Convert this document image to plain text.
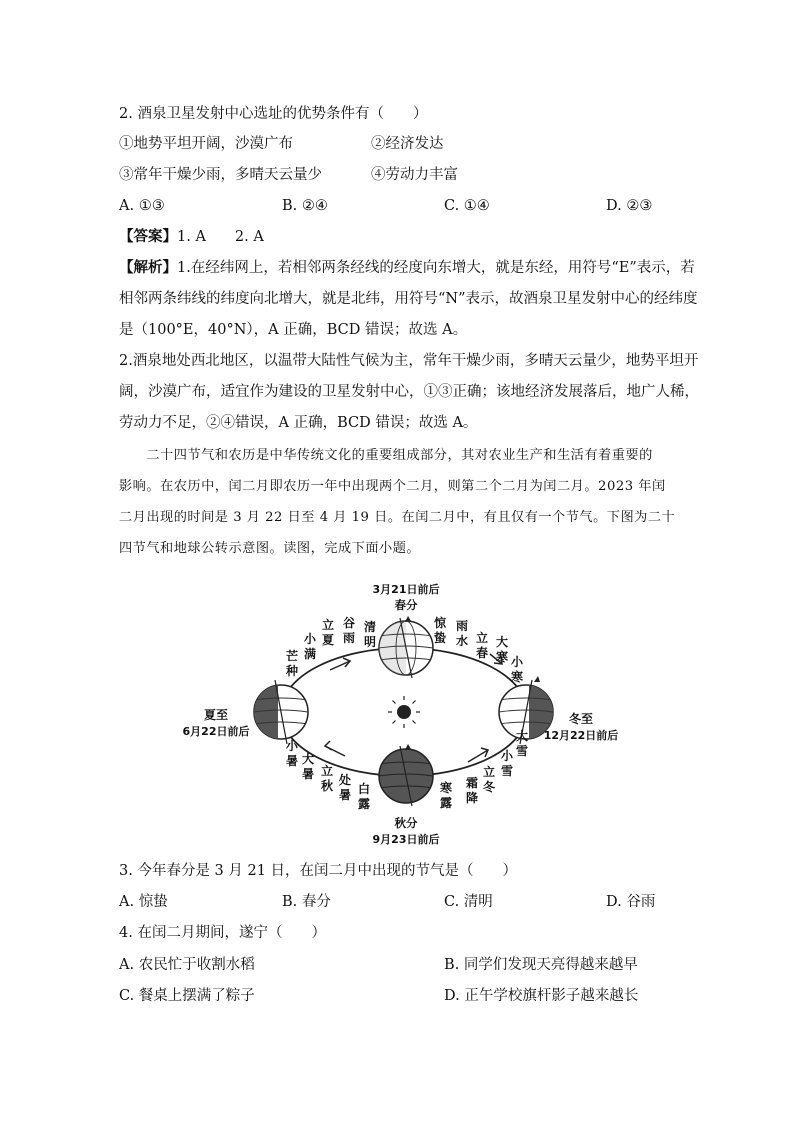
2. 酒泉卫星发射中心选址的优势条件有（　　）
①地势平坦开阔，沙漠广布	②经济发达
③常年干燥少雨，多晴天云量少	④劳动力丰富
A. ①③	B. ②④	C. ①④	D. ②③
【答案】1. A　　2. A
【解析】1.在经纬网上，若相邻两条经线的经度向东增大，就是东经，用符号“E”表示，若
相邻两条纬线的纬度向北增大，就是北纬，用符号“N”表示，故酒泉卫星发射中心的经纬度
是（100°E，40°N），A 正确，BCD 错误；故选 A。
2.酒泉地处西北地区，以温带大陆性气候为主，常年干燥少雨，多晴天云量少，地势平坦开
阔，沙漠广布，适宜作为建设的卫星发射中心，①③正确；该地经济发展落后，地广人稀，
劳动力不足，②④错误，A 正确，BCD 错误；故选 A。
　　二十四节气和农历是中华传统文化的重要组成部分，其对农业生产和生活有着重要的
影响。在农历中，闰二月即农历一年中出现两个二月，则第二个二月为闰二月。2023 年闰
二月出现的时间是 3 月 22 日至 4 月 19 日。在闰二月中，有且仅有一个节气。下图为二十
四节气和地球公转示意图。读图，完成下面小题。
3月21日前后
春分
夏至
6月22日前后
冬至
12月22日前后
秋分
9月23日前后
清明
谷雨
立夏
小满
芒种
惊蛰
雨水 立春
大寒 小寒
大雪
小雪
立冬
霜降
寒露
白露
处暑
立秋
大暑
小暑
3. 今年春分是 3 月 21 日，在闰二月中出现的节气是（　　）
A. 惊蛰	B. 春分	C. 清明	D. 谷雨
4. 在闰二月期间，遂宁（　　）
A. 农民忙于收割水稻	B. 同学们发现天亮得越来越早
C. 餐桌上摆满了粽子	D. 正午学校旗杆影子越来越长
